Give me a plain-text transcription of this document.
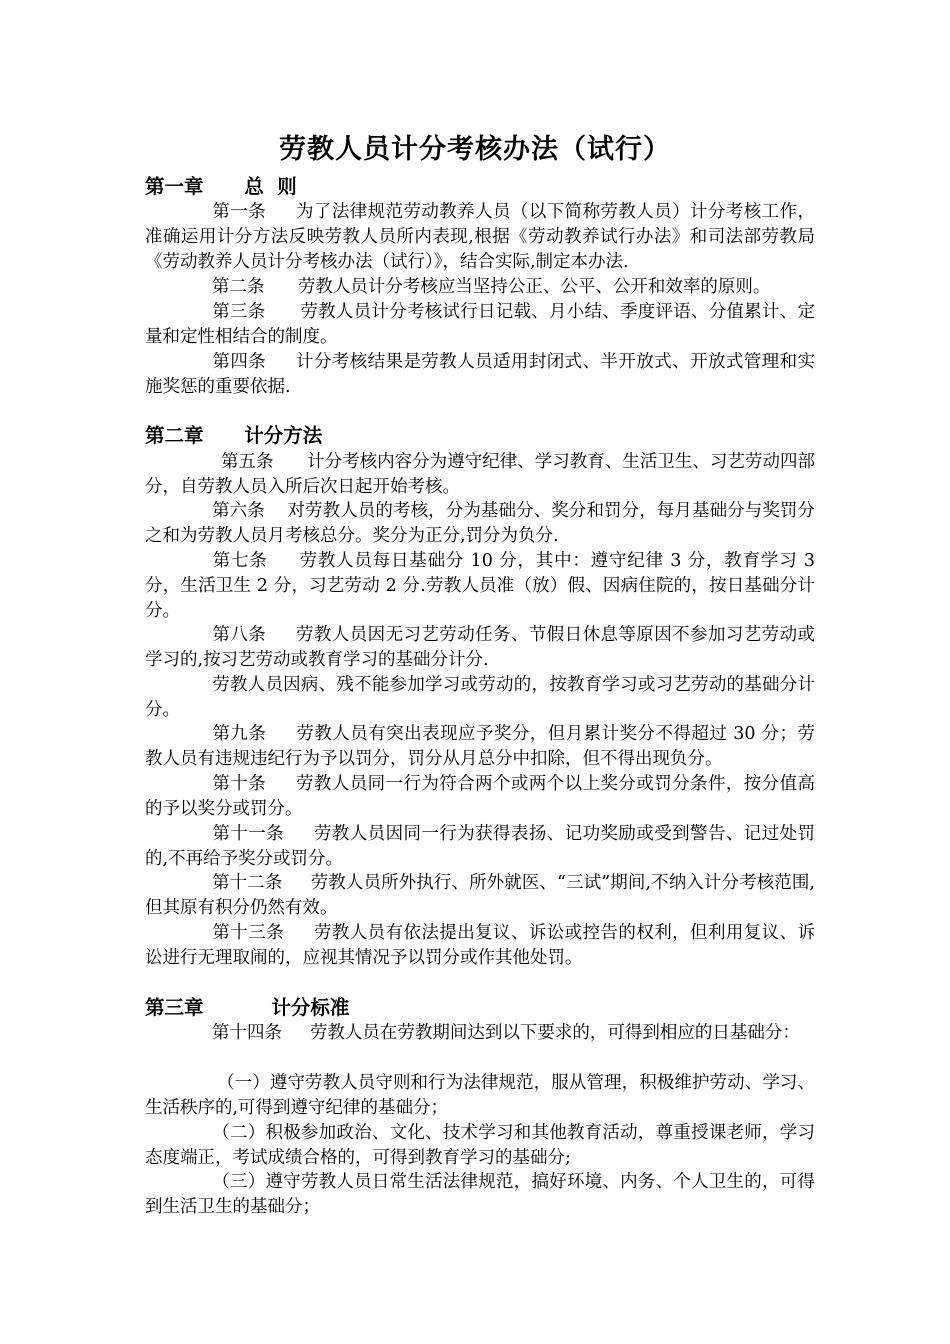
劳教人员计分考核办法（试行）
第一章      总  则
第一条 为了法律规范劳动教养人员（以下简称劳教人员）计分考核工作，准确运用计分方法反映劳教人员所内表现,根据《劳动教养试行办法》和司法部劳教局《劳动教养人员计分考核办法（试行）》，结合实际,制定本办法.
第二条 劳教人员计分考核应当坚持公正、公平、公开和效率的原则。
第三条 劳教人员计分考核试行日记载、月小结、季度评语、分值累计、定量和定性相结合的制度。
第四条 计分考核结果是劳教人员适用封闭式、半开放式、开放式管理和实施奖惩的重要依据.
第二章      计分方法
第五条 计分考核内容分为遵守纪律、学习教育、生活卫生、习艺劳动四部分，自劳教人员入所后次日起开始考核。
第六条 对劳教人员的考核，分为基础分、奖分和罚分，每月基础分与奖罚分之和为劳教人员月考核总分。奖分为正分,罚分为负分.
第七条 劳教人员每日基础分 10 分，其中：遵守纪律 3 分，教育学习 3 分，生活卫生 2 分，习艺劳动 2 分.劳教人员准（放）假、因病住院的，按日基础分计分。
第八条 劳教人员因无习艺劳动任务、节假日休息等原因不参加习艺劳动或学习的,按习艺劳动或教育学习的基础分计分.
劳教人员因病、残不能参加学习或劳动的，按教育学习或习艺劳动的基础分计分。
第九条 劳教人员有突出表现应予奖分，但月累计奖分不得超过 30 分；劳教人员有违规违纪行为予以罚分，罚分从月总分中扣除，但不得出现负分。
第十条 劳教人员同一行为符合两个或两个以上奖分或罚分条件，按分值高的予以奖分或罚分。
第十一条 劳教人员因同一行为获得表扬、记功奖励或受到警告、记过处罚的,不再给予奖分或罚分。
第十二条 劳教人员所外执行、所外就医、“三试”期间,不纳入计分考核范围,但其原有积分仍然有效。
第十三条 劳教人员有依法提出复议、诉讼或控告的权利，但利用复议、诉讼进行无理取闹的，应视其情况予以罚分或作其他处罚。
第三章          计分标准
第十四条 劳教人员在劳教期间达到以下要求的，可得到相应的日基础分：
（一）遵守劳教人员守则和行为法律规范，服从管理，积极维护劳动、学习、生活秩序的,可得到遵守纪律的基础分；
（二）积极参加政治、文化、技术学习和其他教育活动，尊重授课老师，学习态度端正，考试成绩合格的，可得到教育学习的基础分;
（三）遵守劳教人员日常生活法律规范，搞好环境、内务、个人卫生的，可得到生活卫生的基础分；
